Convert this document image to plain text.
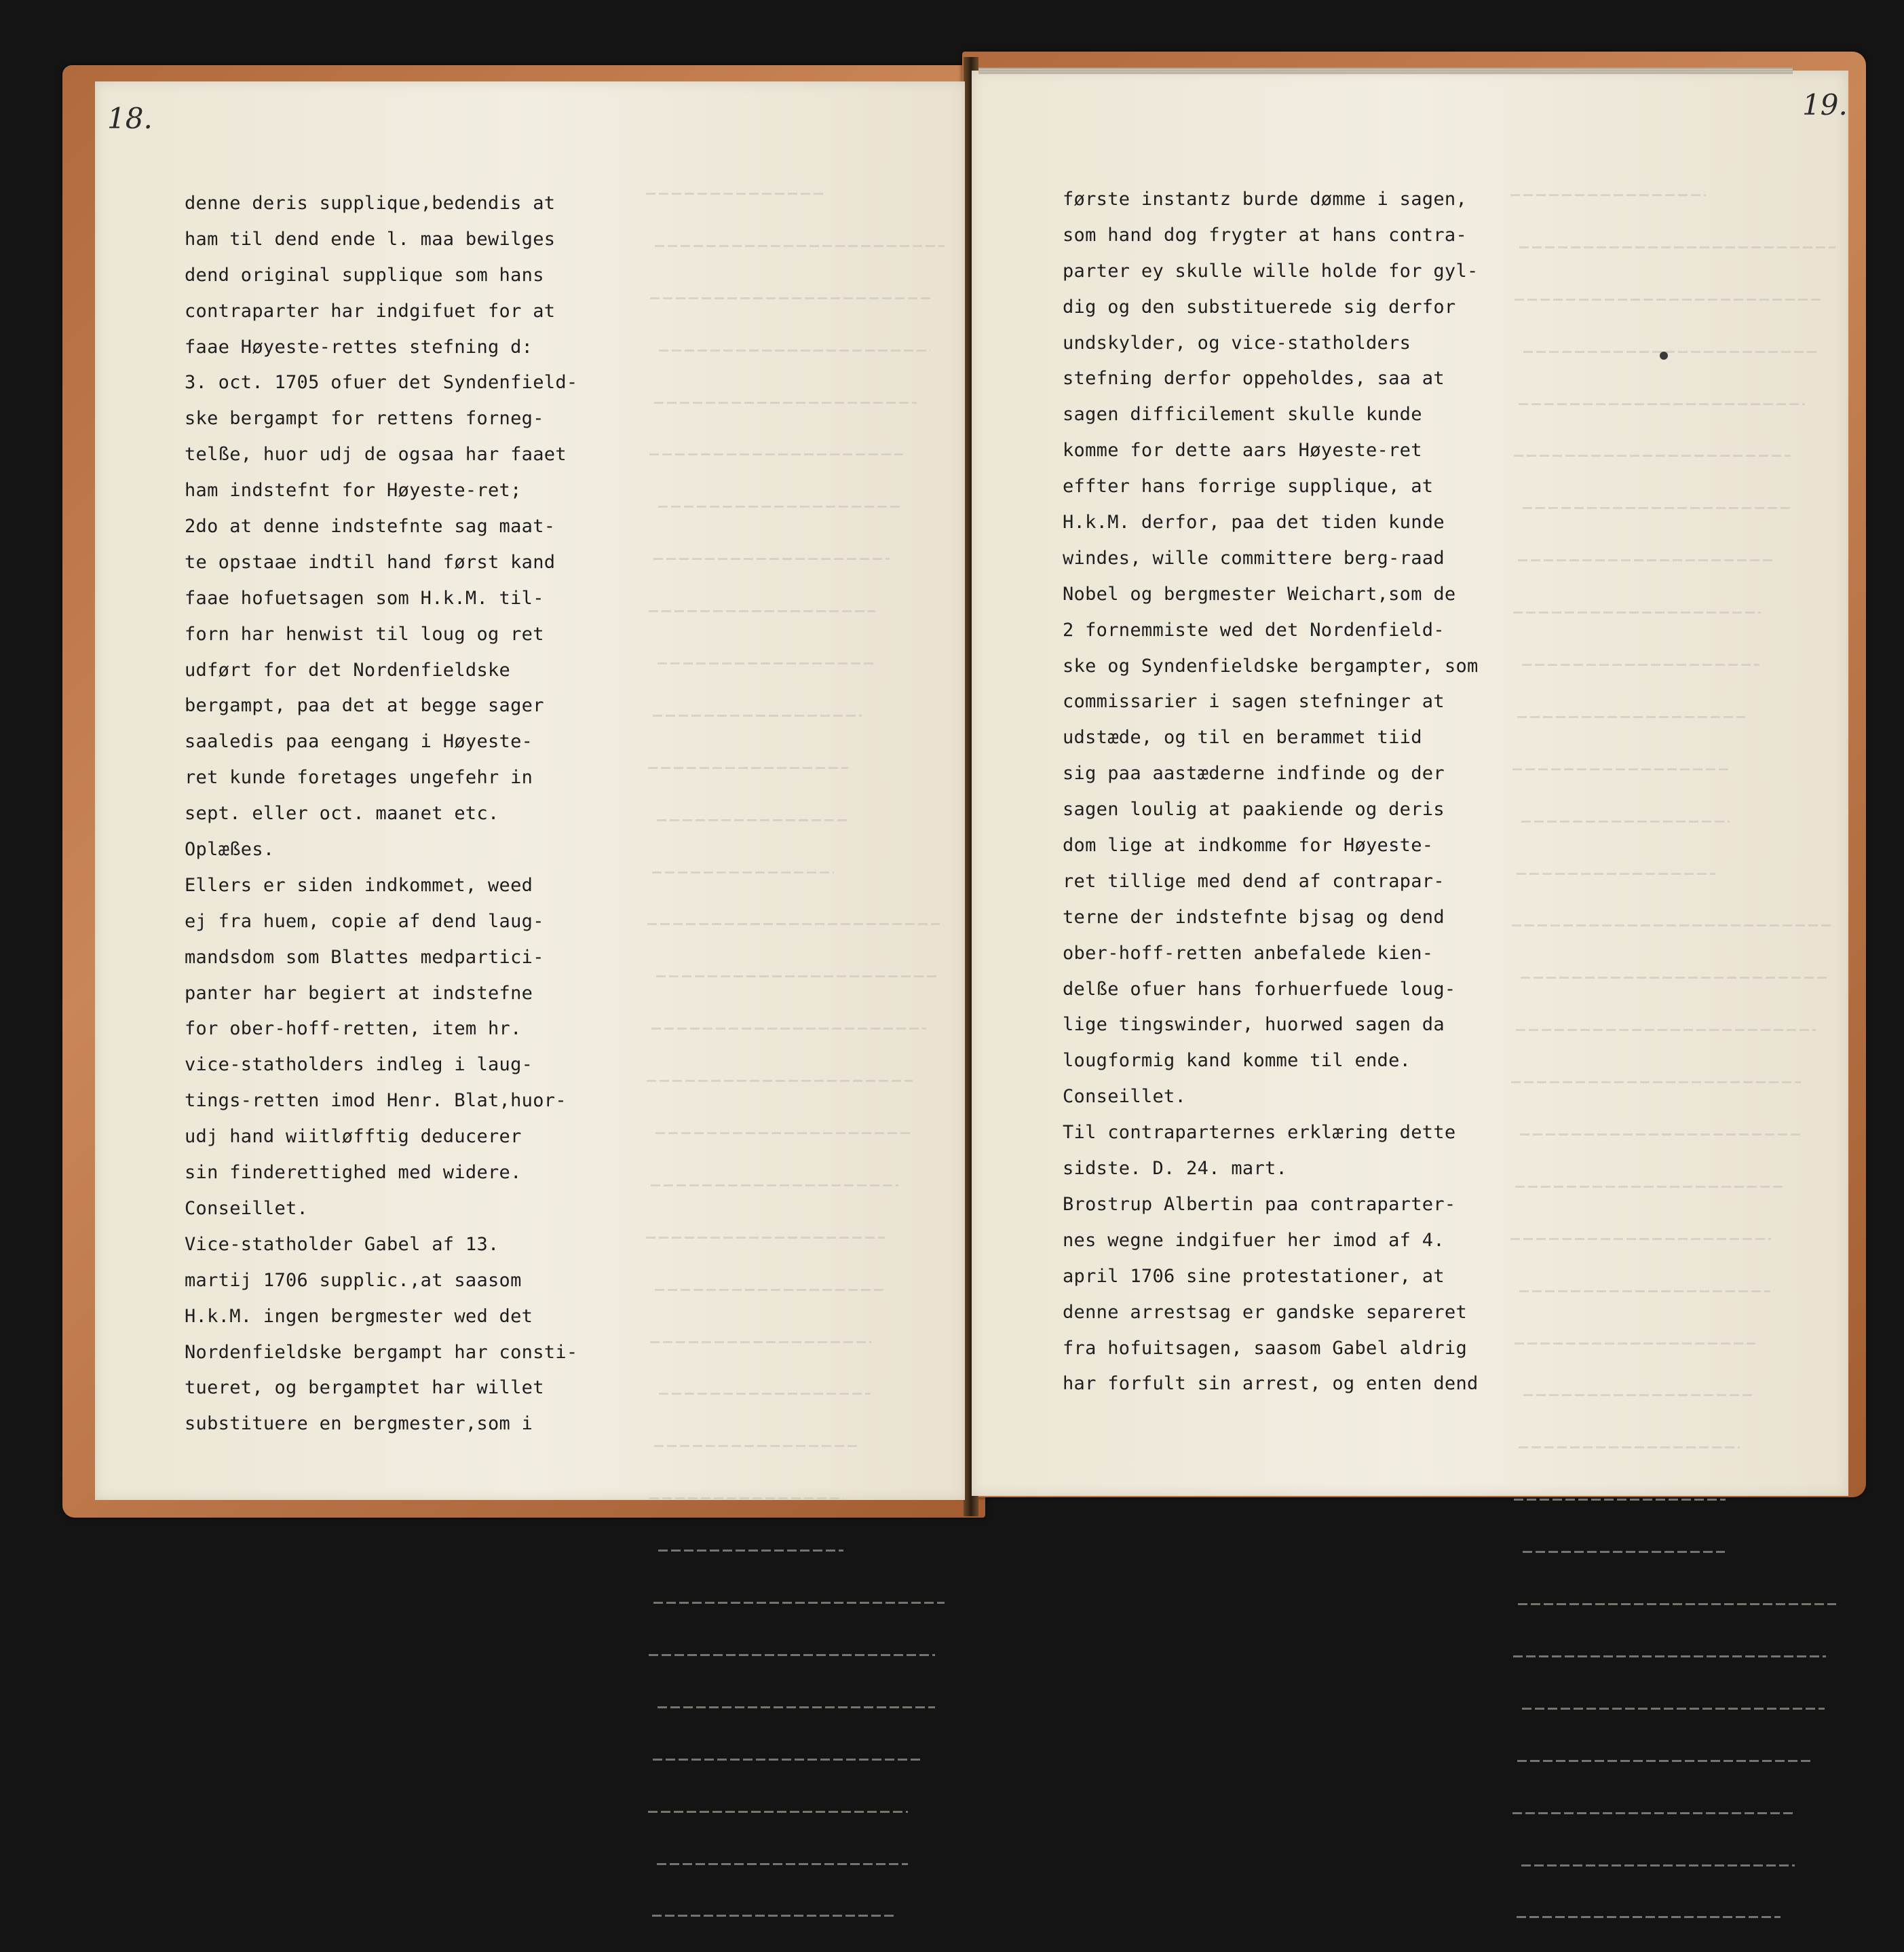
18.	19.
denne deris supplique,bedendis at
ham til dend ende l. maa bewilges
dend original supplique som hans
contraparter har indgifuet for at
faae Høyeste-rettes stefning d:
3. oct. 1705 ofuer det Syndenfield-
ske bergampt for rettens forneg-
telße, huor udj de ogsaa har faaet
ham indstefnt for Høyeste-ret;
2do at denne indstefnte sag maat-
te opstaae indtil hand først kand
faae hofuetsagen som H.k.M. til-
forn har henwist til loug og ret
udført for det Nordenfieldske
bergampt, paa det at begge sager
saaledis paa eengang i Høyeste-
ret kunde foretages ungefehr in
sept. eller oct. maanet etc.
Oplæßes.
Ellers er siden indkommet, weed
ej fra huem, copie af dend laug-
mandsdom som Blattes medpartici-
panter har begiert at indstefne
for ober-hoff-retten, item hr.
vice-statholders indleg i laug-
tings-retten imod Henr. Blat,huor-
udj hand wiitløfftig deducerer
sin finderettighed med widere.
Conseillet.
Vice-statholder Gabel af 13.
martij 1706 supplic.,at saasom
H.k.M. ingen bergmester wed det
Nordenfieldske bergampt har consti-
tueret, og bergamptet har willet
substituere en bergmester,som i
første instantz burde dømme i sagen,
som hand dog frygter at hans contra-
parter ey skulle wille holde for gyl-
dig og den substituerede sig derfor
undskylder, og vice-statholders
stefning derfor oppeholdes, saa at
sagen difficilement skulle kunde
komme for dette aars Høyeste-ret
effter hans forrige supplique, at
H.k.M. derfor, paa det tiden kunde
windes, wille committere berg-raad
Nobel og bergmester Weichart,som de
2 fornemmiste wed det Nordenfield-
ske og Syndenfieldske bergampter, som
commissarier i sagen stefninger at
udstæde, og til en berammet tiid
sig paa aastæderne indfinde og der
sagen loulig at paakiende og deris
dom lige at indkomme for Høyeste-
ret tillige med dend af contrapar-
terne der indstefnte bjsag og dend
ober-hoff-retten anbefalede kien-
delße ofuer hans forhuerfuede loug-
lige tingswinder, huorwed sagen da
lougformig kand komme til ende.
Conseillet.
Til contraparternes erklæring dette
sidste. D. 24. mart.
Brostrup Albertin paa contraparter-
nes wegne indgifuer her imod af 4.
april 1706 sine protestationer, at
denne arrestsag er gandske separeret
fra hofuitsagen, saasom Gabel aldrig
har forfult sin arrest, og enten dend
